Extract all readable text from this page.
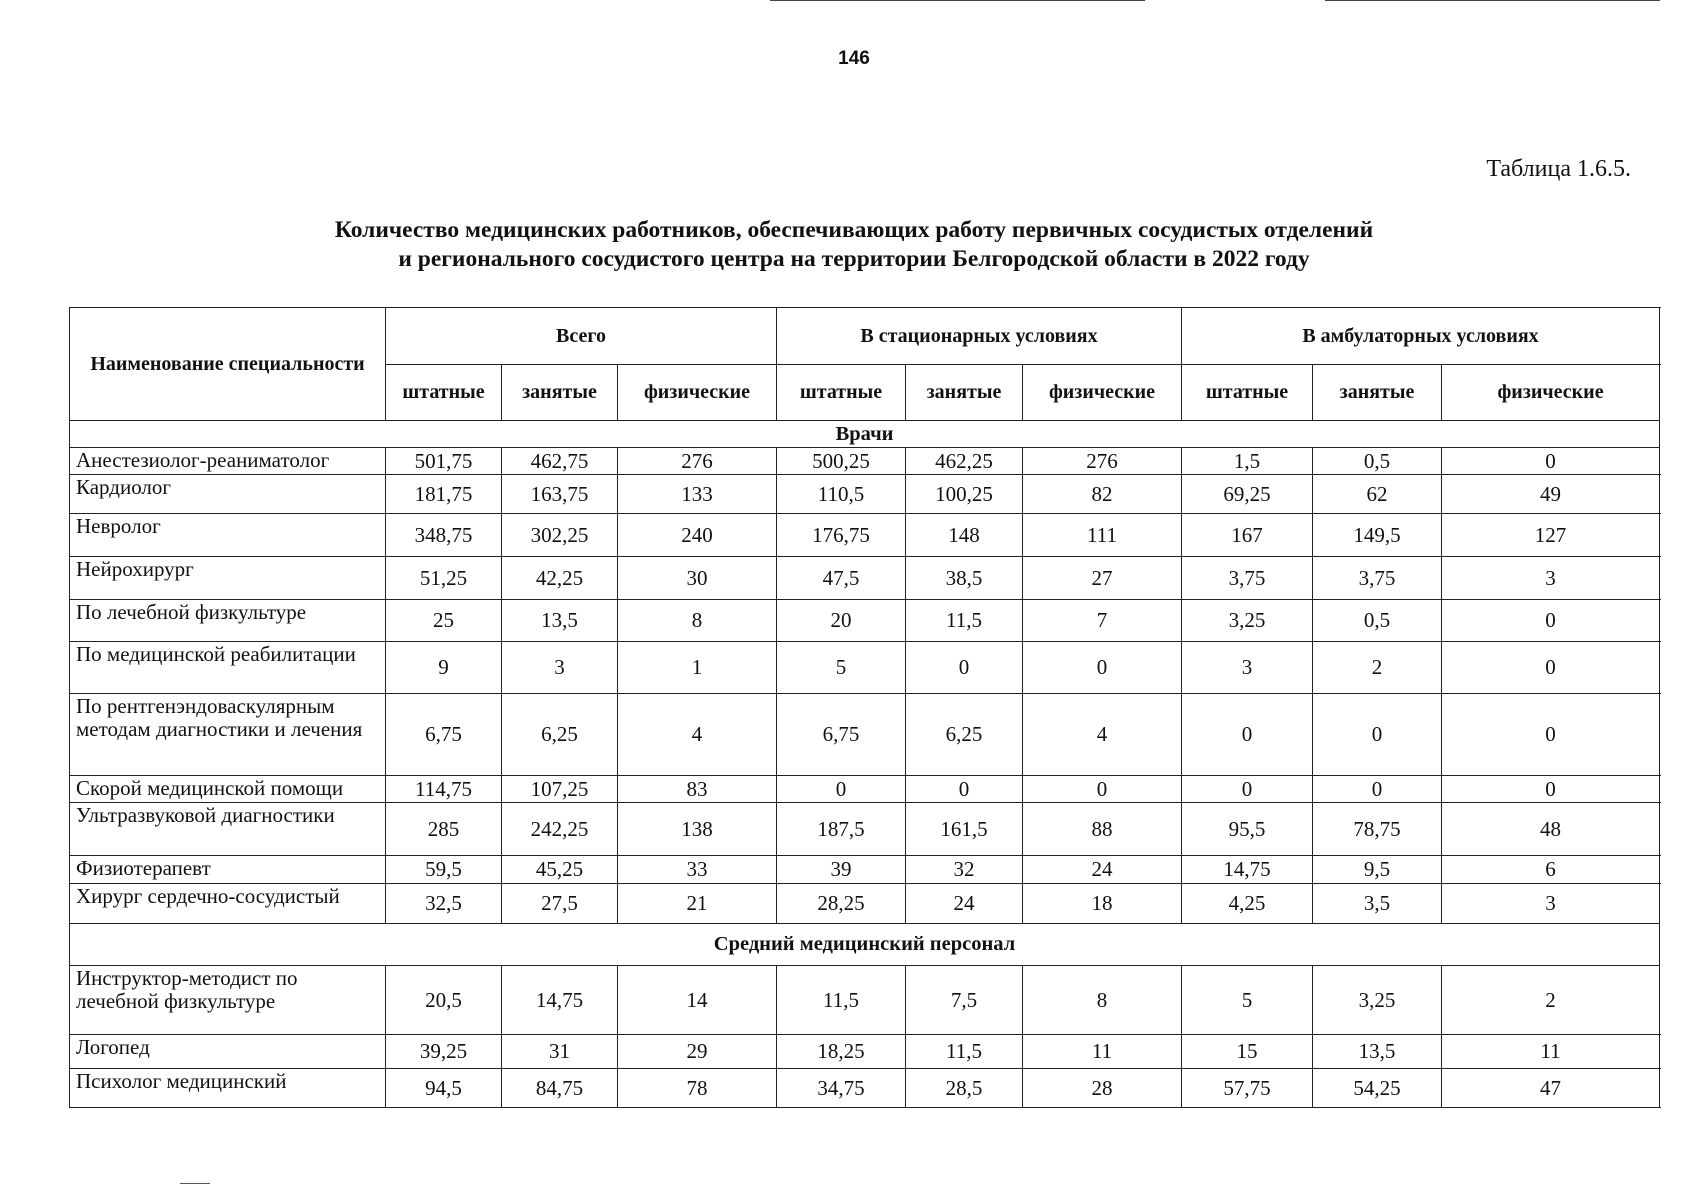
146
Таблица 1.6.5.
Количество медицинских работников, обеспечивающих работу первичных сосудистых отделений
и регионального сосудистого центра на территории Белгородской области в 2022 году
Наименование специальности	Всего			В стационарных условиях			В амбулаторных условиях		
	штатные	занятые	физические	штатные	занятые	физические	штатные	занятые	физические
Врачи									
Анестезиолог-реаниматолог	501,75	462,75	276	500,25	462,25	276	1,5	0,5	0
Кардиолог	181,75	163,75	133	110,5	100,25	82	69,25	62	49
Невролог	348,75	302,25	240	176,75	148	111	167	149,5	127
Нейрохирург	51,25	42,25	30	47,5	38,5	27	3,75	3,75	3
По лечебной физкультуре	25	13,5	8	20	11,5	7	3,25	0,5	0
По медицинской реабилитации	9	3	1	5	0	0	3	2	0
По рентгенэндоваскулярным методам диагностики и лечения	6,75	6,25	4	6,75	6,25	4	0	0	0
Скорой медицинской помощи	114,75	107,25	83	0	0	0	0	0	0
Ультразвуковой диагностики	285	242,25	138	187,5	161,5	88	95,5	78,75	48
Физиотерапевт	59,5	45,25	33	39	32	24	14,75	9,5	6
Хирург сердечно-сосудистый	32,5	27,5	21	28,25	24	18	4,25	3,5	3
Средний медицинский персонал									
Инструктор-методист по лечебной физкультуре	20,5	14,75	14	11,5	7,5	8	5	3,25	2
Логопед	39,25	31	29	18,25	11,5	11	15	13,5	11
Психолог медицинский	94,5	84,75	78	34,75	28,5	28	57,75	54,25	47
